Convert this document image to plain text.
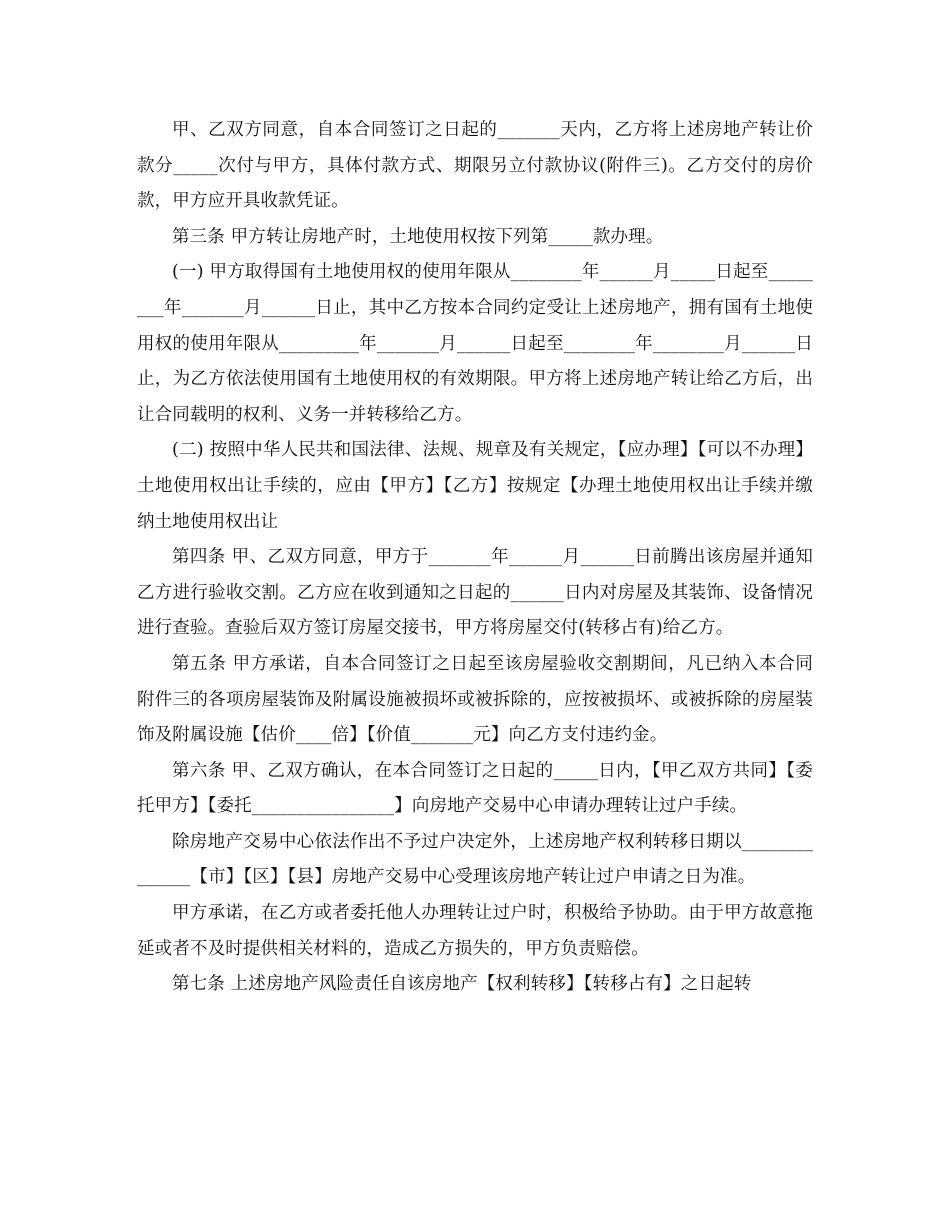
甲、乙双方同意，自本合同签订之日起的_______天内，乙方将上述房地产转让价款分_____次付与甲方，具体付款方式、期限另立付款协议(附件三)。乙方交付的房价款，甲方应开具收款凭证。

第三条 甲方转让房地产时，土地使用权按下列第_____款办理。

(一) 甲方取得国有土地使用权的使用年限从________年______月_____日起至________年_______月______日止，其中乙方按本合同约定受让上述房地产，拥有国有土地使用权的使用年限从_________年_______月______日起至________年________月______日止，为乙方依法使用国有土地使用权的有效期限。甲方将上述房地产转让给乙方后，出让合同载明的权利、义务一并转移给乙方。

(二) 按照中华人民共和国法律、法规、规章及有关规定，【应办理】【可以不办理】土地使用权出让手续的，应由【甲方】【乙方】按规定【办理土地使用权出让手续并缴纳土地使用权出让

第四条 甲、乙双方同意，甲方于_______年______月______日前腾出该房屋并通知乙方进行验收交割。乙方应在收到通知之日起的______日内对房屋及其装饰、设备情况进行查验。查验后双方签订房屋交接书，甲方将房屋交付(转移占有)给乙方。

第五条 甲方承诺，自本合同签订之日起至该房屋验收交割期间，凡已纳入本合同附件三的各项房屋装饰及附属设施被损坏或被拆除的，应按被损坏、或被拆除的房屋装饰及附属设施【估价____倍】【价值_______元】向乙方支付违约金。

第六条 甲、乙双方确认，在本合同签订之日起的_____日内，【甲乙双方共同】【委托甲方】【委托________________】向房地产交易中心申请办理转让过户手续。

除房地产交易中心依法作出不予过户决定外，上述房地产权利转移日期以______________【市】【区】【县】房地产交易中心受理该房地产转让过户申请之日为准。

甲方承诺，在乙方或者委托他人办理转让过户时，积极给予协助。由于甲方故意拖延或者不及时提供相关材料的，造成乙方损失的，甲方负责赔偿。

第七条 上述房地产风险责任自该房地产【权利转移】【转移占有】之日起转
